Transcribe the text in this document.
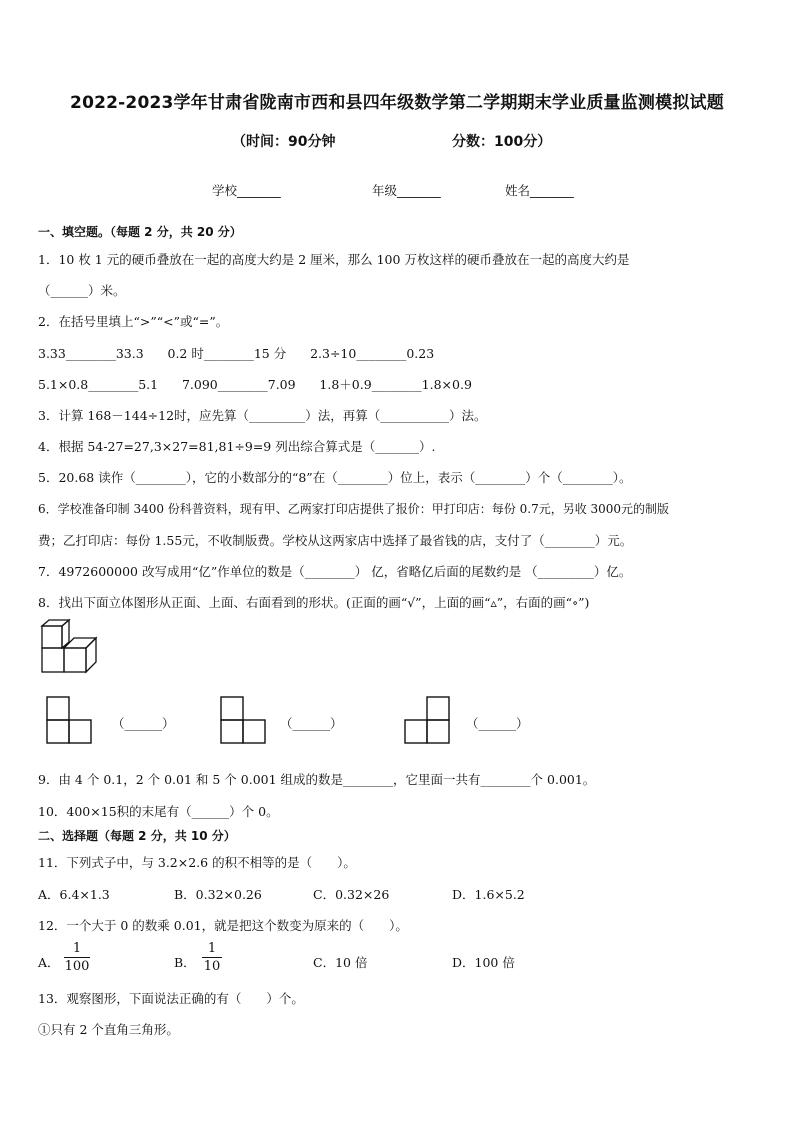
2022-2023学年甘肃省陇南市西和县四年级数学第二学期期末学业质量监测模拟试题
（时间：90分钟	分数：100分）
学校_______	年级_______	姓名_______
一、填空题。（每题 2 分，共 20 分）
1．10 枚 1 元的硬币叠放在一起的高度大约是 2 厘米，那么 100 万枚这样的硬币叠放在一起的高度大约是
（______）米。
2．在括号里填上“>”“<”或“=”。
3.33________33.3      0.2 时________15 分      2.3÷10________0.23
5.1×0.8________5.1      7.090________7.09      1.8＋0.9________1.8×0.9
3．计算 168－144÷12时，应先算（_________）法，再算（___________）法。
4．根据 54-27=27,3×27=81,81÷9=9 列出综合算式是（_______）.
5．20.68 读作（________），它的小数部分的“8”在（________）位上，表示（________）个（________）。
6．学校准备印制 3400 份科普资料，现有甲、乙两家打印店提供了报价：甲打印店：每份 0.7元，另收 3000元的制版
费；乙打印店：每份 1.55元，不收制版费。学校从这两家店中选择了最省钱的店，支付了（________）元。
7．4972600000 改写成用“亿”作单位的数是（________） 亿，省略亿后面的尾数约是 （_________）亿。
8．找出下面立体图形从正面、上面、右面看到的形状。(正面的画“√”，上面的画“▵”，右面的画“∘”)
（______）	（______）	（______）
9．由 4 个 0.1，2 个 0.01 和 5 个 0.001 组成的数是________，它里面一共有________个 0.001。
10．400×15积的末尾有（______）个 0。
二、选择题（每题 2 分，共 10 分）
11．下列式子中，与 3.2×2.6 的积不相等的是（　　）。
A．6.4×1.3	B．0.32×0.26	C．0.32×26	D．1.6×5.2
12．一个大于 0 的数乘 0.01，就是把这个数变为原来的（　　）。
A．
1
100	B．
1
10	C．10 倍	D．100 倍
13．观察图形，下面说法正确的有（　　）个。
①只有 2 个直角三角形。
